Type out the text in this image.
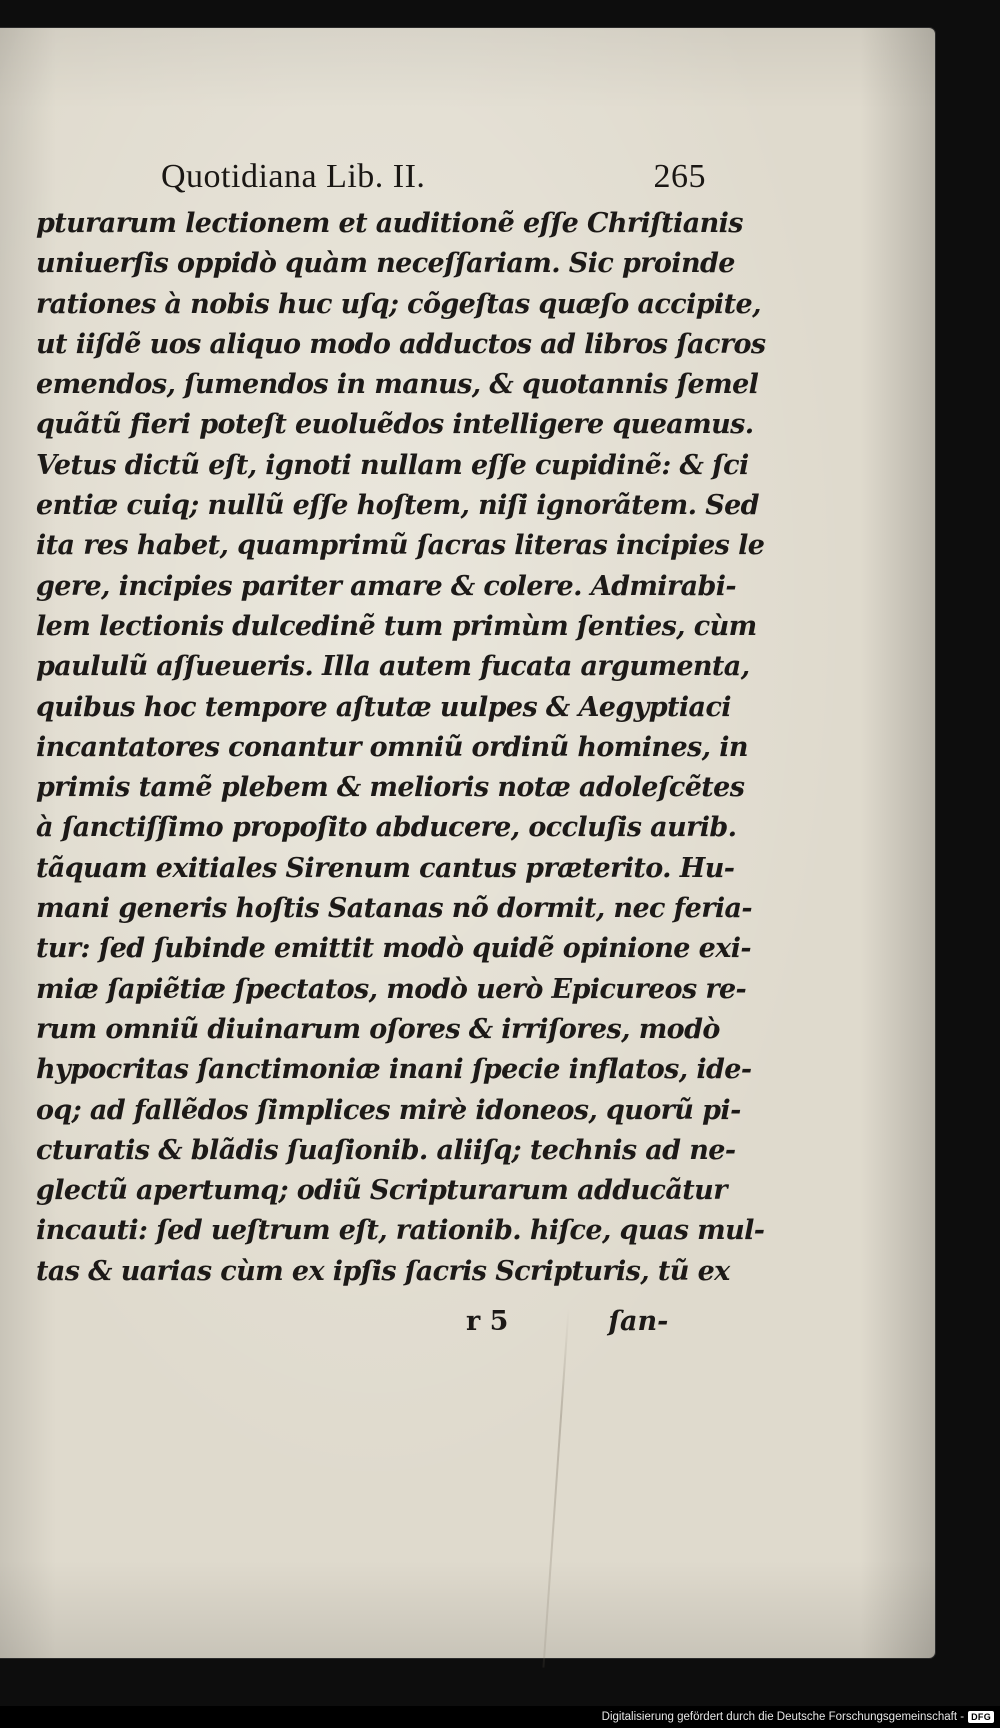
Quotidiana Lib. II.	265
pturarum lectionem et auditionẽ eſſe Chriſtianis
uniuerſis oppidò quàm neceſſariam. Sic proinde
rationes à nobis huc uſq; cõgeſtas quæſo accipite,
ut iiſdẽ uos aliquo modo adductos ad libros ſacros
emendos, ſumendos in manus, & quotannis ſemel
quãtũ fieri poteſt euoluẽdos intelligere queamus.
Vetus dictũ eſt, ignoti nullam eſſe cupidinẽ: & ſci
entiæ cuiq; nullũ eſſe hoſtem, niſi ignorãtem. Sed
ita res habet, quamprimũ ſacras literas incipies le
gere, incipies pariter amare & colere. Admirabi-
lem lectionis dulcedinẽ tum primùm ſenties, cùm
paululũ aſſueueris. Illa autem fucata argumenta,
quibus hoc tempore aſtutæ uulpes & Aegyptiaci
incantatores conantur omniũ ordinũ homines, in
primis tamẽ plebem & melioris notæ adoleſcẽtes
à ſanctiſſimo propoſito abducere, occluſis aurib.
tãquam exitiales Sirenum cantus præterito. Hu-
mani generis hoſtis Satanas nõ dormit, nec feria-
tur: ſed ſubinde emittit modò quidẽ opinione exi-
miæ ſapiẽtiæ ſpectatos, modò uerò Epicureos re-
rum omniũ diuinarum oſores & irriſores, modò
hypocritas ſanctimoniæ inani ſpecie inflatos, ide-
oq; ad fallẽdos ſimplices mirè idoneos, quorũ pi-
cturatis & blãdis ſuaſionib. aliiſq; technis ad ne-
glectũ apertumq; odiũ Scripturarum adducãtur
incauti: ſed ueſtrum eſt, rationib. hiſce, quas mul-
tas & uarias cùm ex ipſis ſacris Scripturis, tũ ex
r 5	ſan-
Digitalisierung gefördert durch die Deutsche Forschungsgemeinschaft - DFG
